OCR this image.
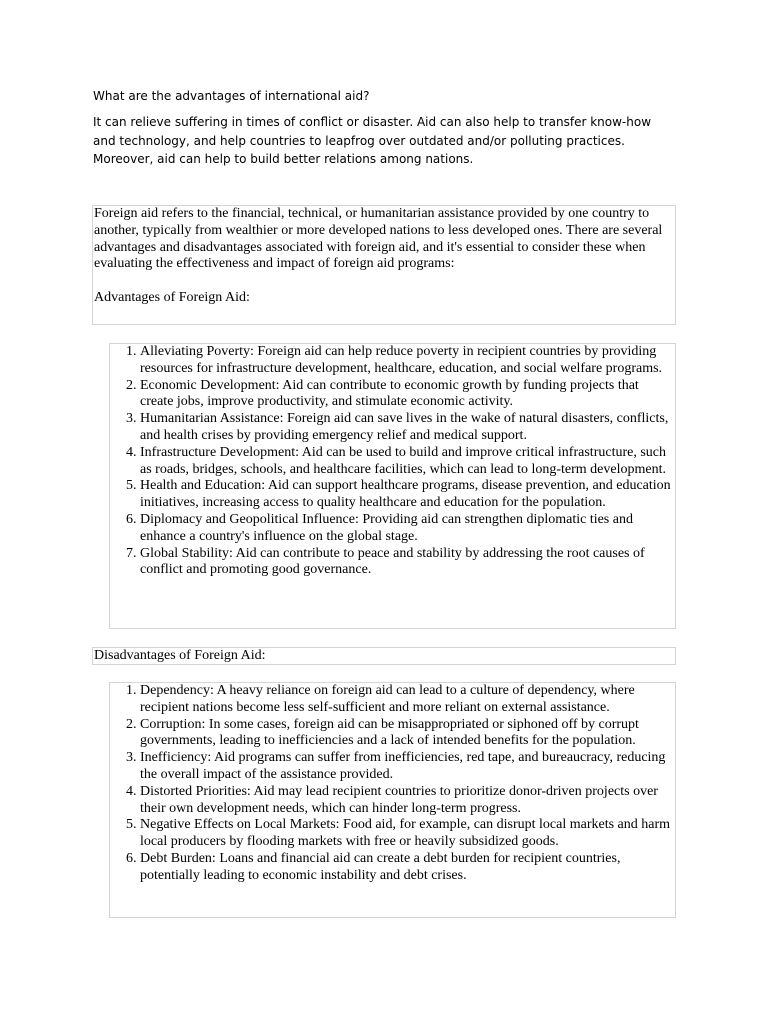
What are the advantages of international aid?

It can relieve suffering in times of conflict or disaster. Aid can also help to transfer know-how and technology, and help countries to leapfrog over outdated and/or polluting practices. Moreover, aid can help to build better relations among nations.

Foreign aid refers to the financial, technical, or humanitarian assistance provided by one country to another, typically from wealthier or more developed nations to less developed ones. There are several advantages and disadvantages associated with foreign aid, and it's essential to consider these when evaluating the effectiveness and impact of foreign aid programs:

Advantages of Foreign Aid:

1. Alleviating Poverty: Foreign aid can help reduce poverty in recipient countries by providing resources for infrastructure development, healthcare, education, and social welfare programs.
2. Economic Development: Aid can contribute to economic growth by funding projects that create jobs, improve productivity, and stimulate economic activity.
3. Humanitarian Assistance: Foreign aid can save lives in the wake of natural disasters, conflicts, and health crises by providing emergency relief and medical support.
4. Infrastructure Development: Aid can be used to build and improve critical infrastructure, such as roads, bridges, schools, and healthcare facilities, which can lead to long-term development.
5. Health and Education: Aid can support healthcare programs, disease prevention, and education initiatives, increasing access to quality healthcare and education for the population.
6. Diplomacy and Geopolitical Influence: Providing aid can strengthen diplomatic ties and enhance a country's influence on the global stage.
7. Global Stability: Aid can contribute to peace and stability by addressing the root causes of conflict and promoting good governance.
Disadvantages of Foreign Aid:
1. Dependency: A heavy reliance on foreign aid can lead to a culture of dependency, where recipient nations become less self-sufficient and more reliant on external assistance.
2. Corruption: In some cases, foreign aid can be misappropriated or siphoned off by corrupt governments, leading to inefficiencies and a lack of intended benefits for the population.
3. Inefficiency: Aid programs can suffer from inefficiencies, red tape, and bureaucracy, reducing the overall impact of the assistance provided.
4. Distorted Priorities: Aid may lead recipient countries to prioritize donor-driven projects over their own development needs, which can hinder long-term progress.
5. Negative Effects on Local Markets: Food aid, for example, can disrupt local markets and harm local producers by flooding markets with free or heavily subsidized goods.
6. Debt Burden: Loans and financial aid can create a debt burden for recipient countries, potentially leading to economic instability and debt crises.
